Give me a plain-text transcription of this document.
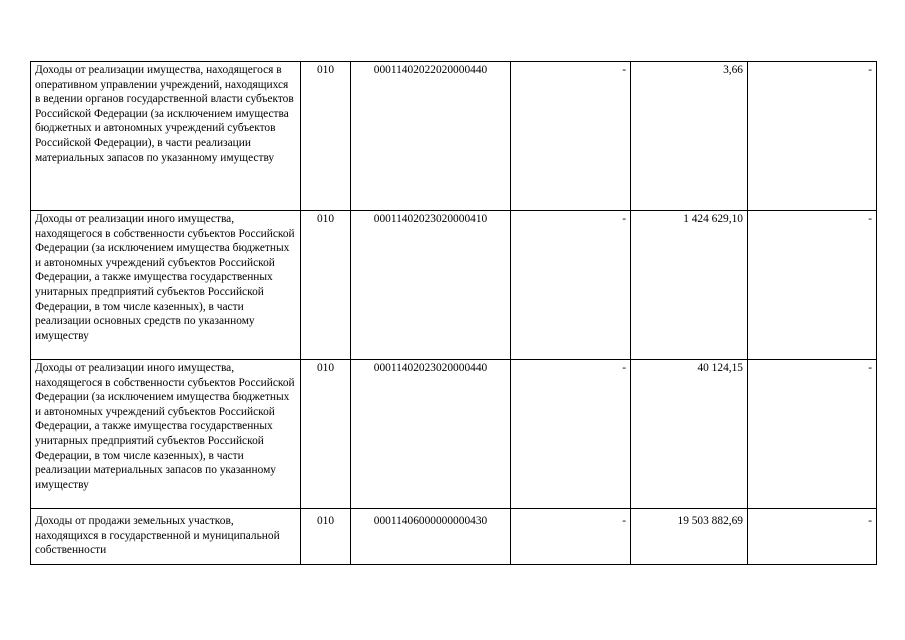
Доходы от реализации имущества, находящегося в оперативном управлении учреждений, находящихся в ведении органов государственной власти субъектов Российской Федерации (за исключением имущества бюджетных и автономных учреждений субъектов Российской Федерации), в части реализации материальных запасов по указанному имуществу	010	00011402022020000440	-	3,66	-

Доходы от реализации иного имущества, находящегося в собственности субъектов Российской Федерации (за исключением имущества бюджетных и автономных учреждений субъектов Российской Федерации, а также имущества государственных унитарных предприятий субъектов Российской Федерации, в том числе казенных), в части реализации основных средств по указанному имуществу	010	00011402023020000410	-	1 424 629,10	-

Доходы от реализации иного имущества, находящегося в собственности субъектов Российской Федерации (за исключением имущества бюджетных и автономных учреждений субъектов Российской Федерации, а также имущества государственных унитарных предприятий субъектов Российской Федерации, в том числе казенных), в части реализации материальных запасов по указанному имуществу	010	00011402023020000440	-	40 124,15	-

Доходы от продажи земельных участков, находящихся в государственной и муниципальной собственности	010	00011406000000000430	-	19 503 882,69	-
